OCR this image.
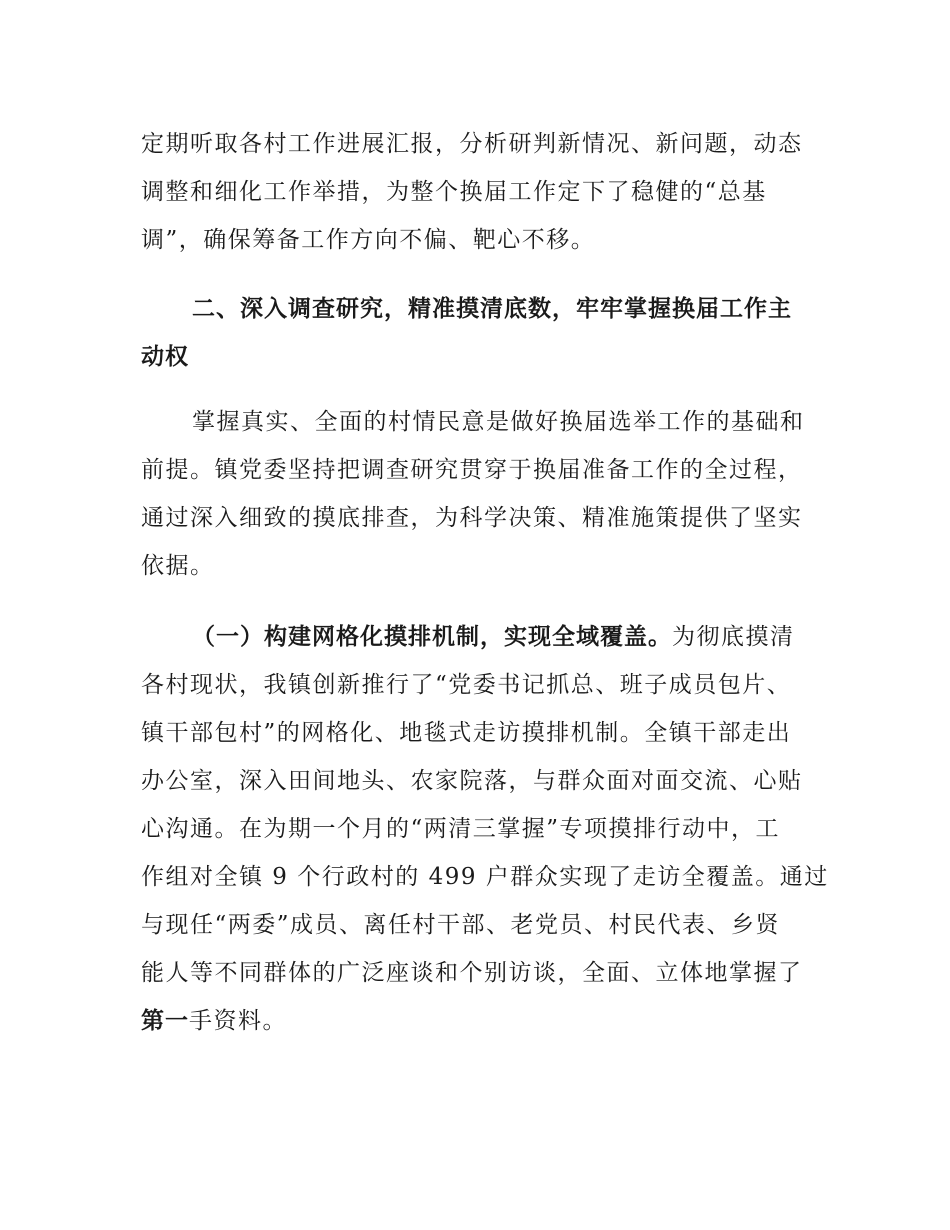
定期听取各村工作进展汇报，分析研判新情况、新问题，动态
调整和细化工作举措，为整个换届工作定下了稳健的“总基
调”，确保筹备工作方向不偏、靶心不移。
二、深入调查研究，精准摸清底数，牢牢掌握换届工作主
动权
掌握真实、全面的村情民意是做好换届选举工作的基础和
前提。镇党委坚持把调查研究贯穿于换届准备工作的全过程，
通过深入细致的摸底排查，为科学决策、精准施策提供了坚实
依据。
（一）构建网格化摸排机制，实现全域覆盖。为彻底摸清
各村现状，我镇创新推行了“党委书记抓总、班子成员包片、
镇干部包村”的网格化、地毯式走访摸排机制。全镇干部走出
办公室，深入田间地头、农家院落，与群众面对面交流、心贴
心沟通。在为期一个月的“两清三掌握”专项摸排行动中，工
作组对全镇 9 个行政村的 499 户群众实现了走访全覆盖。通过
与现任“两委”成员、离任村干部、老党员、村民代表、乡贤
能人等不同群体的广泛座谈和个别访谈，全面、立体地掌握了
第一手资料。
